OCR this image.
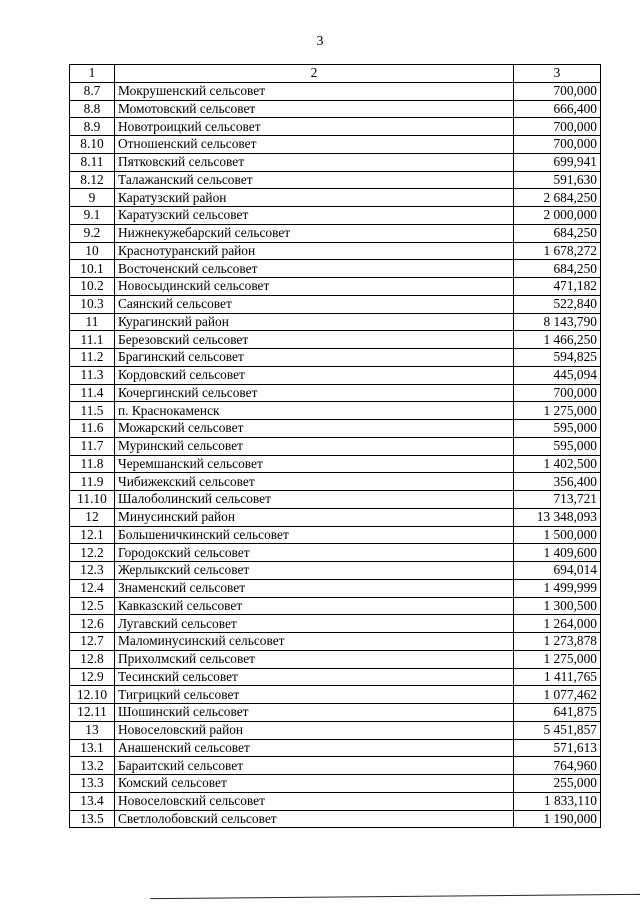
3
1	2	3
8.7	Мокрушенский сельсовет	700,000
8.8	Момотовский сельсовет	666,400
8.9	Новотроицкий сельсовет	700,000
8.10	Отношенский сельсовет	700,000
8.11	Пятковский сельсовет	699,941
8.12	Талажанский сельсовет	591,630
9	Каратузский район	2 684,250
9.1	Каратузский сельсовет	2 000,000
9.2	Нижнекужебарский сельсовет	684,250
10	Краснотуранский район	1 678,272
10.1	Восточенский сельсовет	684,250
10.2	Новосыдинский сельсовет	471,182
10.3	Саянский сельсовет	522,840
11	Курагинский район	8 143,790
11.1	Березовский сельсовет	1 466,250
11.2	Брагинский сельсовет	594,825
11.3	Кордовский сельсовет	445,094
11.4	Кочергинский сельсовет	700,000
11.5	п. Краснокаменск	1 275,000
11.6	Можарский сельсовет	595,000
11.7	Муринский сельсовет	595,000
11.8	Черемшанский сельсовет	1 402,500
11.9	Чибижекский сельсовет	356,400
11.10	Шалоболинский сельсовет	713,721
12	Минусинский район	13 348,093
12.1	Большеничкинский сельсовет	1 500,000
12.2	Городокский сельсовет	1 409,600
12.3	Жерлыкский сельсовет	694,014
12.4	Знаменский сельсовет	1 499,999
12.5	Кавказский сельсовет	1 300,500
12.6	Лугавский сельсовет	1 264,000
12.7	Маломинусинский сельсовет	1 273,878
12.8	Прихолмский сельсовет	1 275,000
12.9	Тесинский сельсовет	1 411,765
12.10	Тигрицкий сельсовет	1 077,462
12.11	Шошинский сельсовет	641,875
13	Новоселовский район	5 451,857
13.1	Анашенский сельсовет	571,613
13.2	Бараитский сельсовет	764,960
13.3	Комский сельсовет	255,000
13.4	Новоселовский сельсовет	1 833,110
13.5	Светлолобовский сельсовет	1 190,000
